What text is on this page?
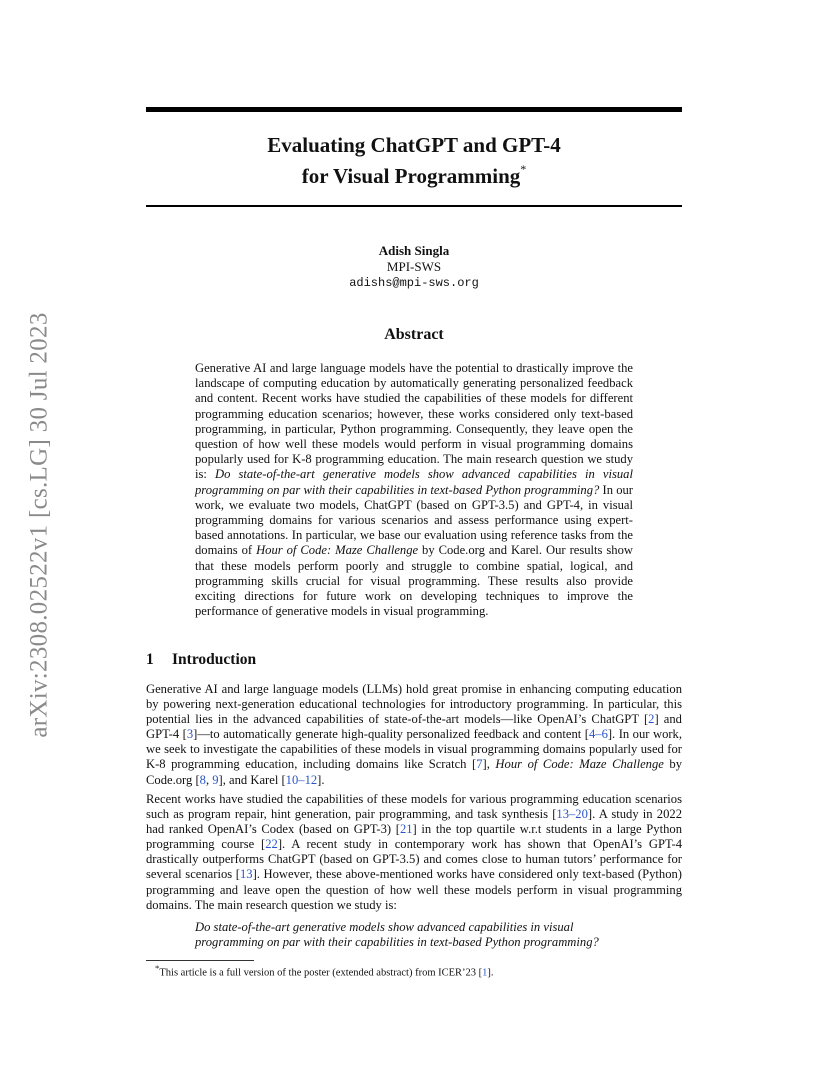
arXiv:2308.02522v1 [cs.LG] 30 Jul 2023
Evaluating ChatGPT and GPT-4
for Visual Programming*
Adish Singla
MPI-SWS
adishs@mpi-sws.org
Abstract
Generative AI and large language models have the potential to drastically improve the landscape of computing education by automatically generating personalized feedback and content. Recent works have studied the capabilities of these models for different programming education scenarios; however, these works considered only text-based programming, in particular, Python programming. Consequently, they leave open the question of how well these models would perform in visual programming domains popularly used for K-8 programming education. The main research question we study is: Do state-of-the-art generative models show advanced capabilities in visual programming on par with their capabilities in text-based Python programming? In our work, we evaluate two models, ChatGPT (based on GPT-3.5) and GPT-4, in visual programming domains for various scenarios and assess performance using expert-based annotations. In particular, we base our evaluation using reference tasks from the domains of Hour of Code: Maze Challenge by Code.org and Karel. Our results show that these models perform poorly and struggle to combine spatial, logical, and programming skills crucial for visual programming. These results also provide exciting directions for future work on developing techniques to improve the performance of generative models in visual programming.
1 Introduction

Generative AI and large language models (LLMs) hold great promise in enhancing computing education by powering next-generation educational technologies for introductory programming. In particular, this potential lies in the advanced capabilities of state-of-the-art models—like OpenAI’s ChatGPT [2] and GPT-4 [3]—to automatically generate high-quality personalized feedback and content [4–6]. In our work, we seek to investigate the capabilities of these models in visual programming domains popularly used for K-8 programming education, including domains like Scratch [7], Hour of Code: Maze Challenge by Code.org [8, 9], and Karel [10–12].

Recent works have studied the capabilities of these models for various programming education scenarios such as program repair, hint generation, pair programming, and task synthesis [13–20]. A study in 2022 had ranked OpenAI’s Codex (based on GPT-3) [21] in the top quartile w.r.t students in a large Python programming course [22]. A recent study in contemporary work has shown that OpenAI’s GPT-4 drastically outperforms ChatGPT (based on GPT-3.5) and comes close to human tutors’ performance for several scenarios [13]. However, these above-mentioned works have considered only text-based (Python) programming and leave open the question of how well these models perform in visual programming domains. The main research question we study is:

Do state-of-the-art generative models show advanced capabilities in visual programming on par with their capabilities in text-based Python programming?
*This article is a full version of the poster (extended abstract) from ICER’23 [1].
